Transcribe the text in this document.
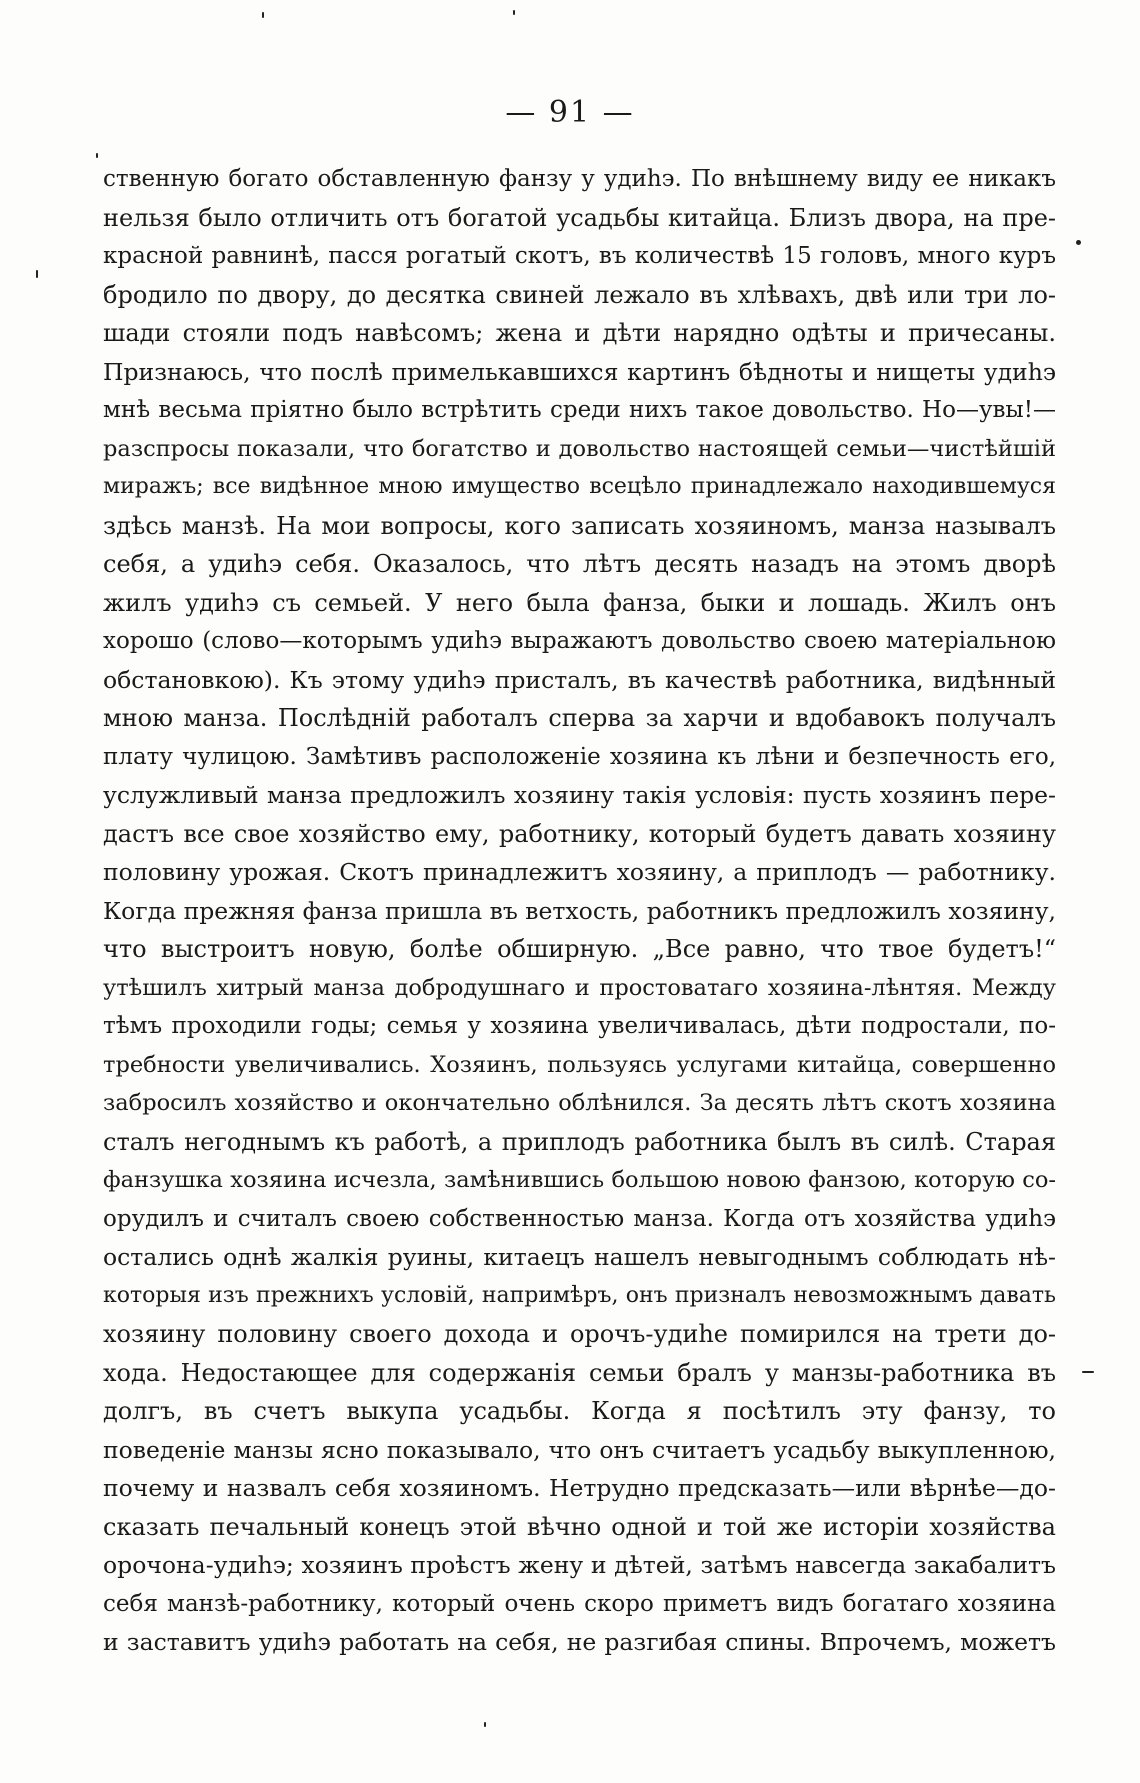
— 91 —
ственную богато обставленную фанзу у удиһэ. По внѣшнему виду ее никакъ
нельзя было отличить отъ богатой усадьбы китайца. Близъ двора, на пре-
красной равнинѣ, пасся рогатый скотъ, въ количествѣ 15 головъ, много куръ
бродило по двору, до десятка свиней лежало въ хлѣвахъ, двѣ или три ло-
шади стояли подъ навѣсомъ; жена и дѣти нарядно одѣты и причесаны.
Признаюсь, что послѣ примелькавшихся картинъ бѣдноты и нищеты удиһэ
мнѣ весьма пріятно было встрѣтить среди нихъ такое довольство. Но—увы!—
разспросы показали, что богатство и довольство настоящей семьи—чистѣйшій
миражъ; все видѣнное мною имущество всецѣло принадлежало находившемуся
здѣсь манзѣ. На мои вопросы, кого записать хозяиномъ, манза называлъ
себя, а удиһэ себя. Оказалось, что лѣтъ десять назадъ на этомъ дворѣ
жилъ удиһэ съ семьей. У него была фанза, быки и лошадь. Жилъ онъ
хорошо (слово—которымъ удиһэ выражаютъ довольство своею матеріальною
обстановкою). Къ этому удиһэ присталъ, въ качествѣ работника, видѣнный
мною манза. Послѣдній работалъ сперва за харчи и вдобавокъ получалъ
плату чулицою. Замѣтивъ расположеніе хозяина къ лѣни и безпечность его,
услужливый манза предложилъ хозяину такія условія: пусть хозяинъ пере-
дастъ все свое хозяйство ему, работнику, который будетъ давать хозяину
половину урожая. Скотъ принадлежитъ хозяину, а приплодъ — работнику.
Когда прежняя фанза пришла въ ветхость, работникъ предложилъ хозяину,
что выстроитъ новую, болѣе обширную. „Все равно, что твое будетъ!“
утѣшилъ хитрый манза добродушнаго и простоватаго хозяина-лѣнтяя. Между
тѣмъ проходили годы; семья у хозяина увеличивалась, дѣти подростали, по-
требности увеличивались. Хозяинъ, пользуясь услугами китайца, совершенно
забросилъ хозяйство и окончательно облѣнился. За десять лѣтъ скотъ хозяина
сталъ негоднымъ къ работѣ, а приплодъ работника былъ въ силѣ. Старая
фанзушка хозяина исчезла, замѣнившись большою новою фанзою, которую со-
орудилъ и считалъ своею собственностью манза. Когда отъ хозяйства удиһэ
остались однѣ жалкія руины, китаецъ нашелъ невыгоднымъ соблюдать нѣ-
которыя изъ прежнихъ условій, напримѣръ, онъ призналъ невозможнымъ давать
хозяину половину своего дохода и орочъ-удиһе помирился на трети до-
хода. Недостающее для содержанія семьи бралъ у манзы-работника въ
долгъ, въ счетъ выкупа усадьбы. Когда я посѣтилъ эту фанзу, то
поведеніе манзы ясно показывало, что онъ считаетъ усадьбу выкупленною,
почему и назвалъ себя хозяиномъ. Нетрудно предсказать—или вѣрнѣе—до-
сказать печальный конецъ этой вѣчно одной и той же исторіи хозяйства
орочона-удиһэ; хозяинъ проѣстъ жену и дѣтей, затѣмъ навсегда закабалитъ
себя манзѣ-работнику, который очень скоро приметъ видъ богатаго хозяина
и заставитъ удиһэ работать на себя, не разгибая спины. Впрочемъ, можетъ
